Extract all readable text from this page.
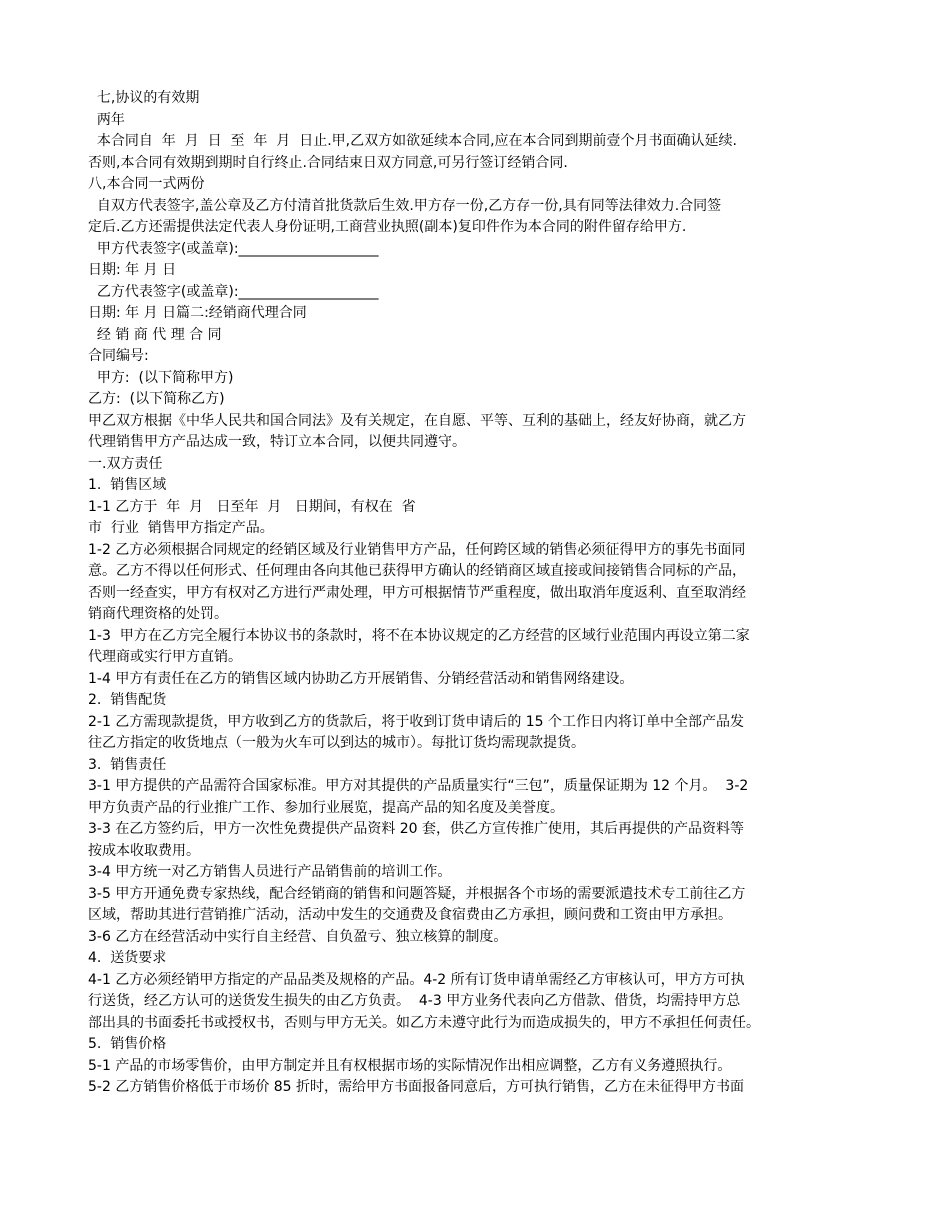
七,协议的有效期

两年

本合同自  年  月  日  至  年  月  日止.甲,乙双方如欲延续本合同,应在本合同到期前壹个月书面确认延续.

否则,本合同有效期到期时自行终止.合同结束日双方同意,可另行签订经销合同.

八,本合同一式两份

自双方代表签字,盖公章及乙方付清首批货款后生效.甲方存一份,乙方存一份,具有同等法律效力.合同签

定后.乙方还需提供法定代表人身份证明,工商营业执照(副本)复印件作为本合同的附件留存给甲方.

甲方代表签字(或盖章):____________________

日期: 年 月 日

乙方代表签字(或盖章):____________________

日期: 年 月 日篇二:经销商代理合同

经 销 商 代 理 合 同

合同编号:

甲方:  (以下简称甲方)

乙方:  (以下简称乙方)

甲乙双方根据《中华人民共和国合同法》及有关规定，在自愿、平等、互利的基础上，经友好协商，就乙方

代理销售甲方产品达成一致，特订立本合同，以便共同遵守。

一.双方责任

1.  销售区域

1-1 乙方于  年  月   日至年  月   日期间，有权在  省

市  行业  销售甲方指定产品。

1-2 乙方必须根据合同规定的经销区域及行业销售甲方产品，任何跨区域的销售必须征得甲方的事先书面同

意。乙方不得以任何形式、任何理由各向其他已获得甲方确认的经销商区域直接或间接销售合同标的产品，

否则一经查实，甲方有权对乙方进行严肃处理，甲方可根据情节严重程度，做出取消年度返利、直至取消经

销商代理资格的处罚。

1-3  甲方在乙方完全履行本协议书的条款时，将不在本协议规定的乙方经营的区域行业范围内再设立第二家

代理商或实行甲方直销。

1-4 甲方有责任在乙方的销售区域内协助乙方开展销售、分销经营活动和销售网络建设。

2.  销售配货

2-1 乙方需现款提货，甲方收到乙方的货款后，将于收到订货申请后的 15 个工作日内将订单中全部产品发

往乙方指定的收货地点（一般为火车可以到达的城市）。每批订货均需现款提货。

3.  销售责任

3-1 甲方提供的产品需符合国家标准。甲方对其提供的产品质量实行“三包”，质量保证期为 12 个月。  3-2

甲方负责产品的行业推广工作、参加行业展览，提高产品的知名度及美誉度。

3-3 在乙方签约后，甲方一次性免费提供产品资料 20 套，供乙方宣传推广使用，其后再提供的产品资料等

按成本收取费用。

3-4 甲方统一对乙方销售人员进行产品销售前的培训工作。

3-5 甲方开通免费专家热线，配合经销商的销售和问题答疑，并根据各个市场的需要派遣技术专工前往乙方

区域，帮助其进行营销推广活动，活动中发生的交通费及食宿费由乙方承担，顾问费和工资由甲方承担。

3-6 乙方在经营活动中实行自主经营、自负盈亏、独立核算的制度。

4.  送货要求

4-1 乙方必须经销甲方指定的产品品类及规格的产品。4-2 所有订货申请单需经乙方审核认可，甲方方可执

行送货，经乙方认可的送货发生损失的由乙方负责。  4-3 甲方业务代表向乙方借款、借货，均需持甲方总

部出具的书面委托书或授权书，否则与甲方无关。如乙方未遵守此行为而造成损失的，甲方不承担任何责任。

5.  销售价格

5-1 产品的市场零售价，由甲方制定并且有权根据市场的实际情况作出相应调整，乙方有义务遵照执行。

5-2 乙方销售价格低于市场价 85 折时，需给甲方书面报备同意后，方可执行销售，乙方在未征得甲方书面
